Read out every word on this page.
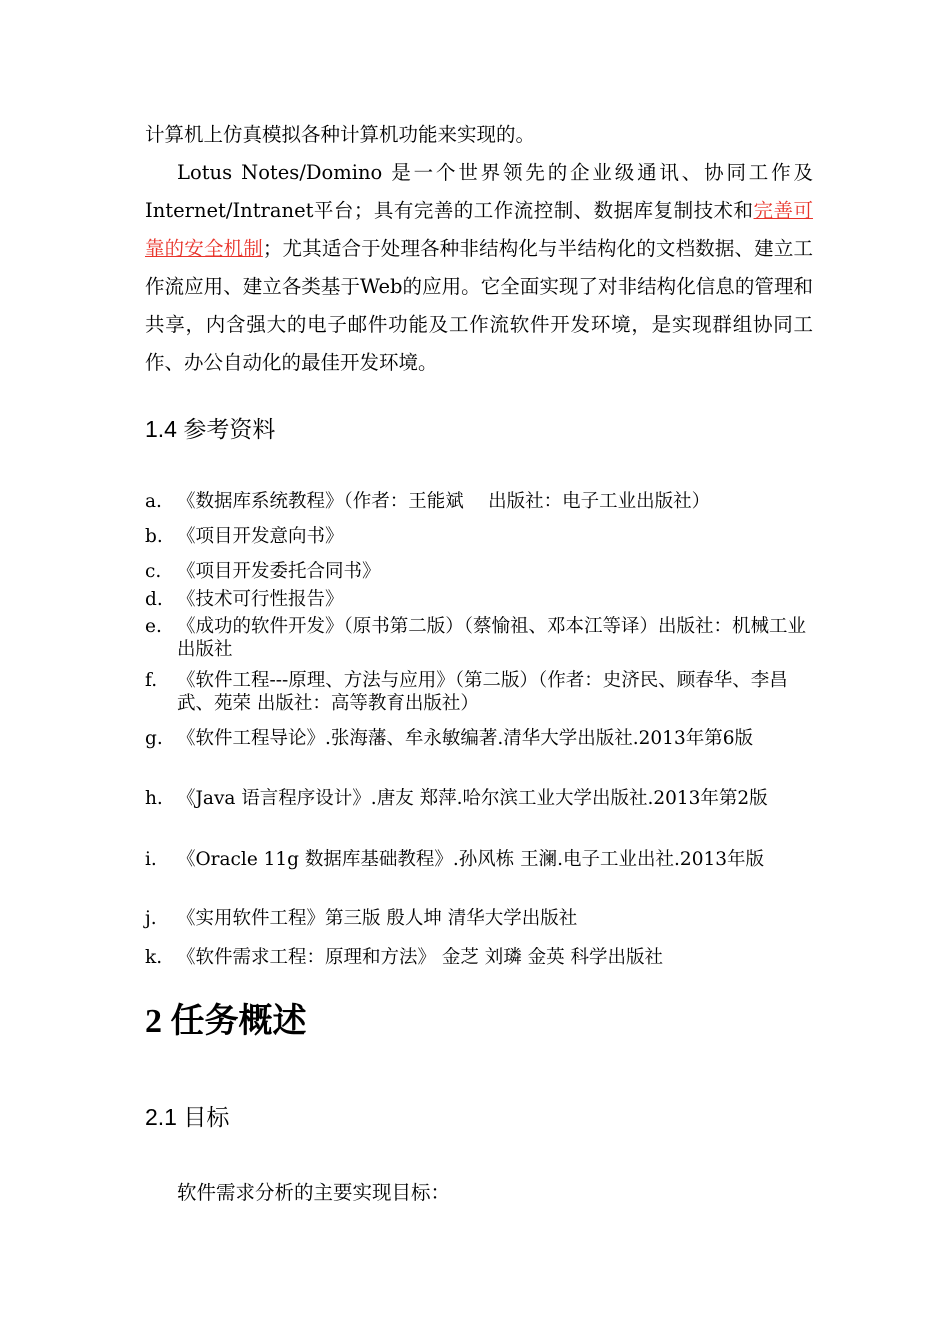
计算机上仿真模拟各种计算机功能来实现的。
Lotus Notes/Domino 是一个世界领先的企业级通讯、协同工作及Internet/Intranet平台；具有完善的工作流控制、数据库复制技术和完善可靠的安全机制；尤其适合于处理各种非结构化与半结构化的文档数据、建立工作流应用、建立各类基于Web的应用。它全面实现了对非结构化信息的管理和共享，内含强大的电子邮件功能及工作流软件开发环境，是实现群组协同工作、办公自动化的最佳开发环境。
1.4 参考资料
a. 《数据库系统教程》（作者：王能斌　 出版社：电子工业出版社）
b. 《项目开发意向书》
c. 《项目开发委托合同书》
d. 《技术可行性报告》
e. 《成功的软件开发》（原书第二版）（蔡愉祖、邓本江等译）出版社：机械工业出版社
f.	《软件工程---原理、方法与应用》（第二版）（作者：史济民、顾春华、李昌武、苑荣 出版社：高等教育出版社）
g. 《软件工程导论》.张海藩、牟永敏编著.清华大学出版社.2013年第6版
h. 《Java 语言程序设计》.唐友 郑萍.哈尔滨工业大学出版社.2013年第2版
i.	《Oracle 11g 数据库基础教程》.孙风栋 王澜.电子工业出社.2013年版
j.	《实用软件工程》第三版 殷人坤 清华大学出版社
k. 《软件需求工程：原理和方法》 金芝 刘璘 金英 科学出版社
2 任务概述
2.1 目标
软件需求分析的主要实现目标：
